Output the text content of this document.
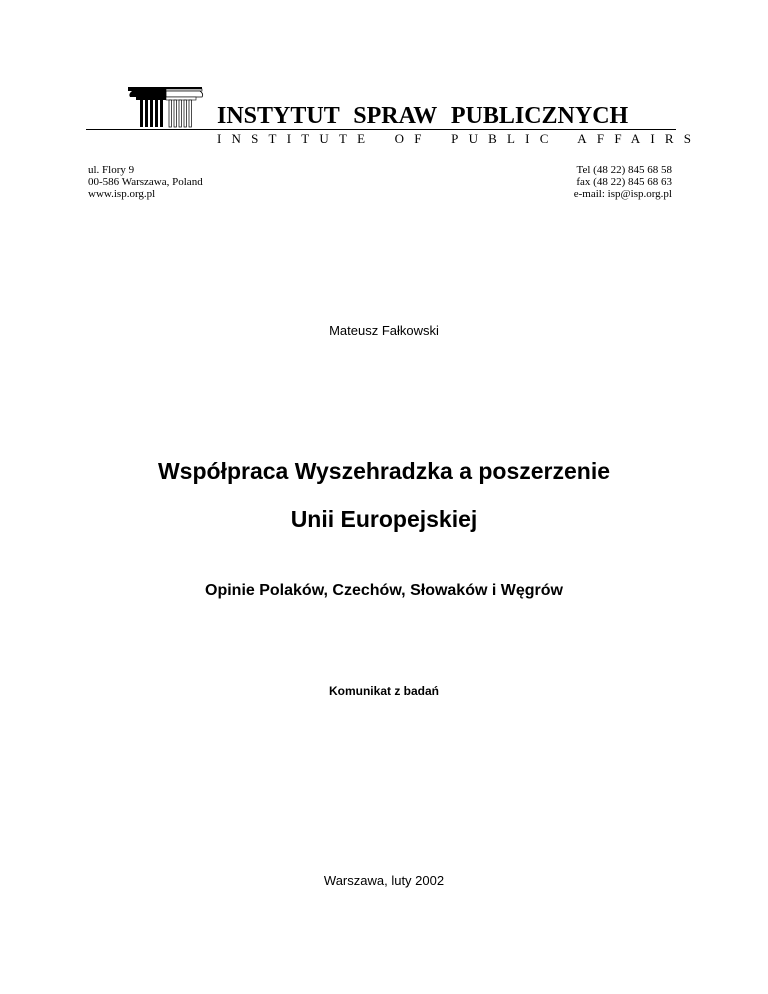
INSTYTUT SPRAW PUBLICZNYCH
INSTITUTE OF PUBLIC AFFAIRS
ul. Flory 9
00-586 Warszawa, Poland
www.isp.org.pl
Tel (48 22) 845 68 58
fax (48 22) 845 68 63
e-mail: isp@isp.org.pl
Mateusz Fałkowski
Współpraca Wyszehradzka a poszerzenie
Unii Europejskiej
Opinie Polaków, Czechów, Słowaków i Węgrów
Komunikat z badań
Warszawa, luty 2002
